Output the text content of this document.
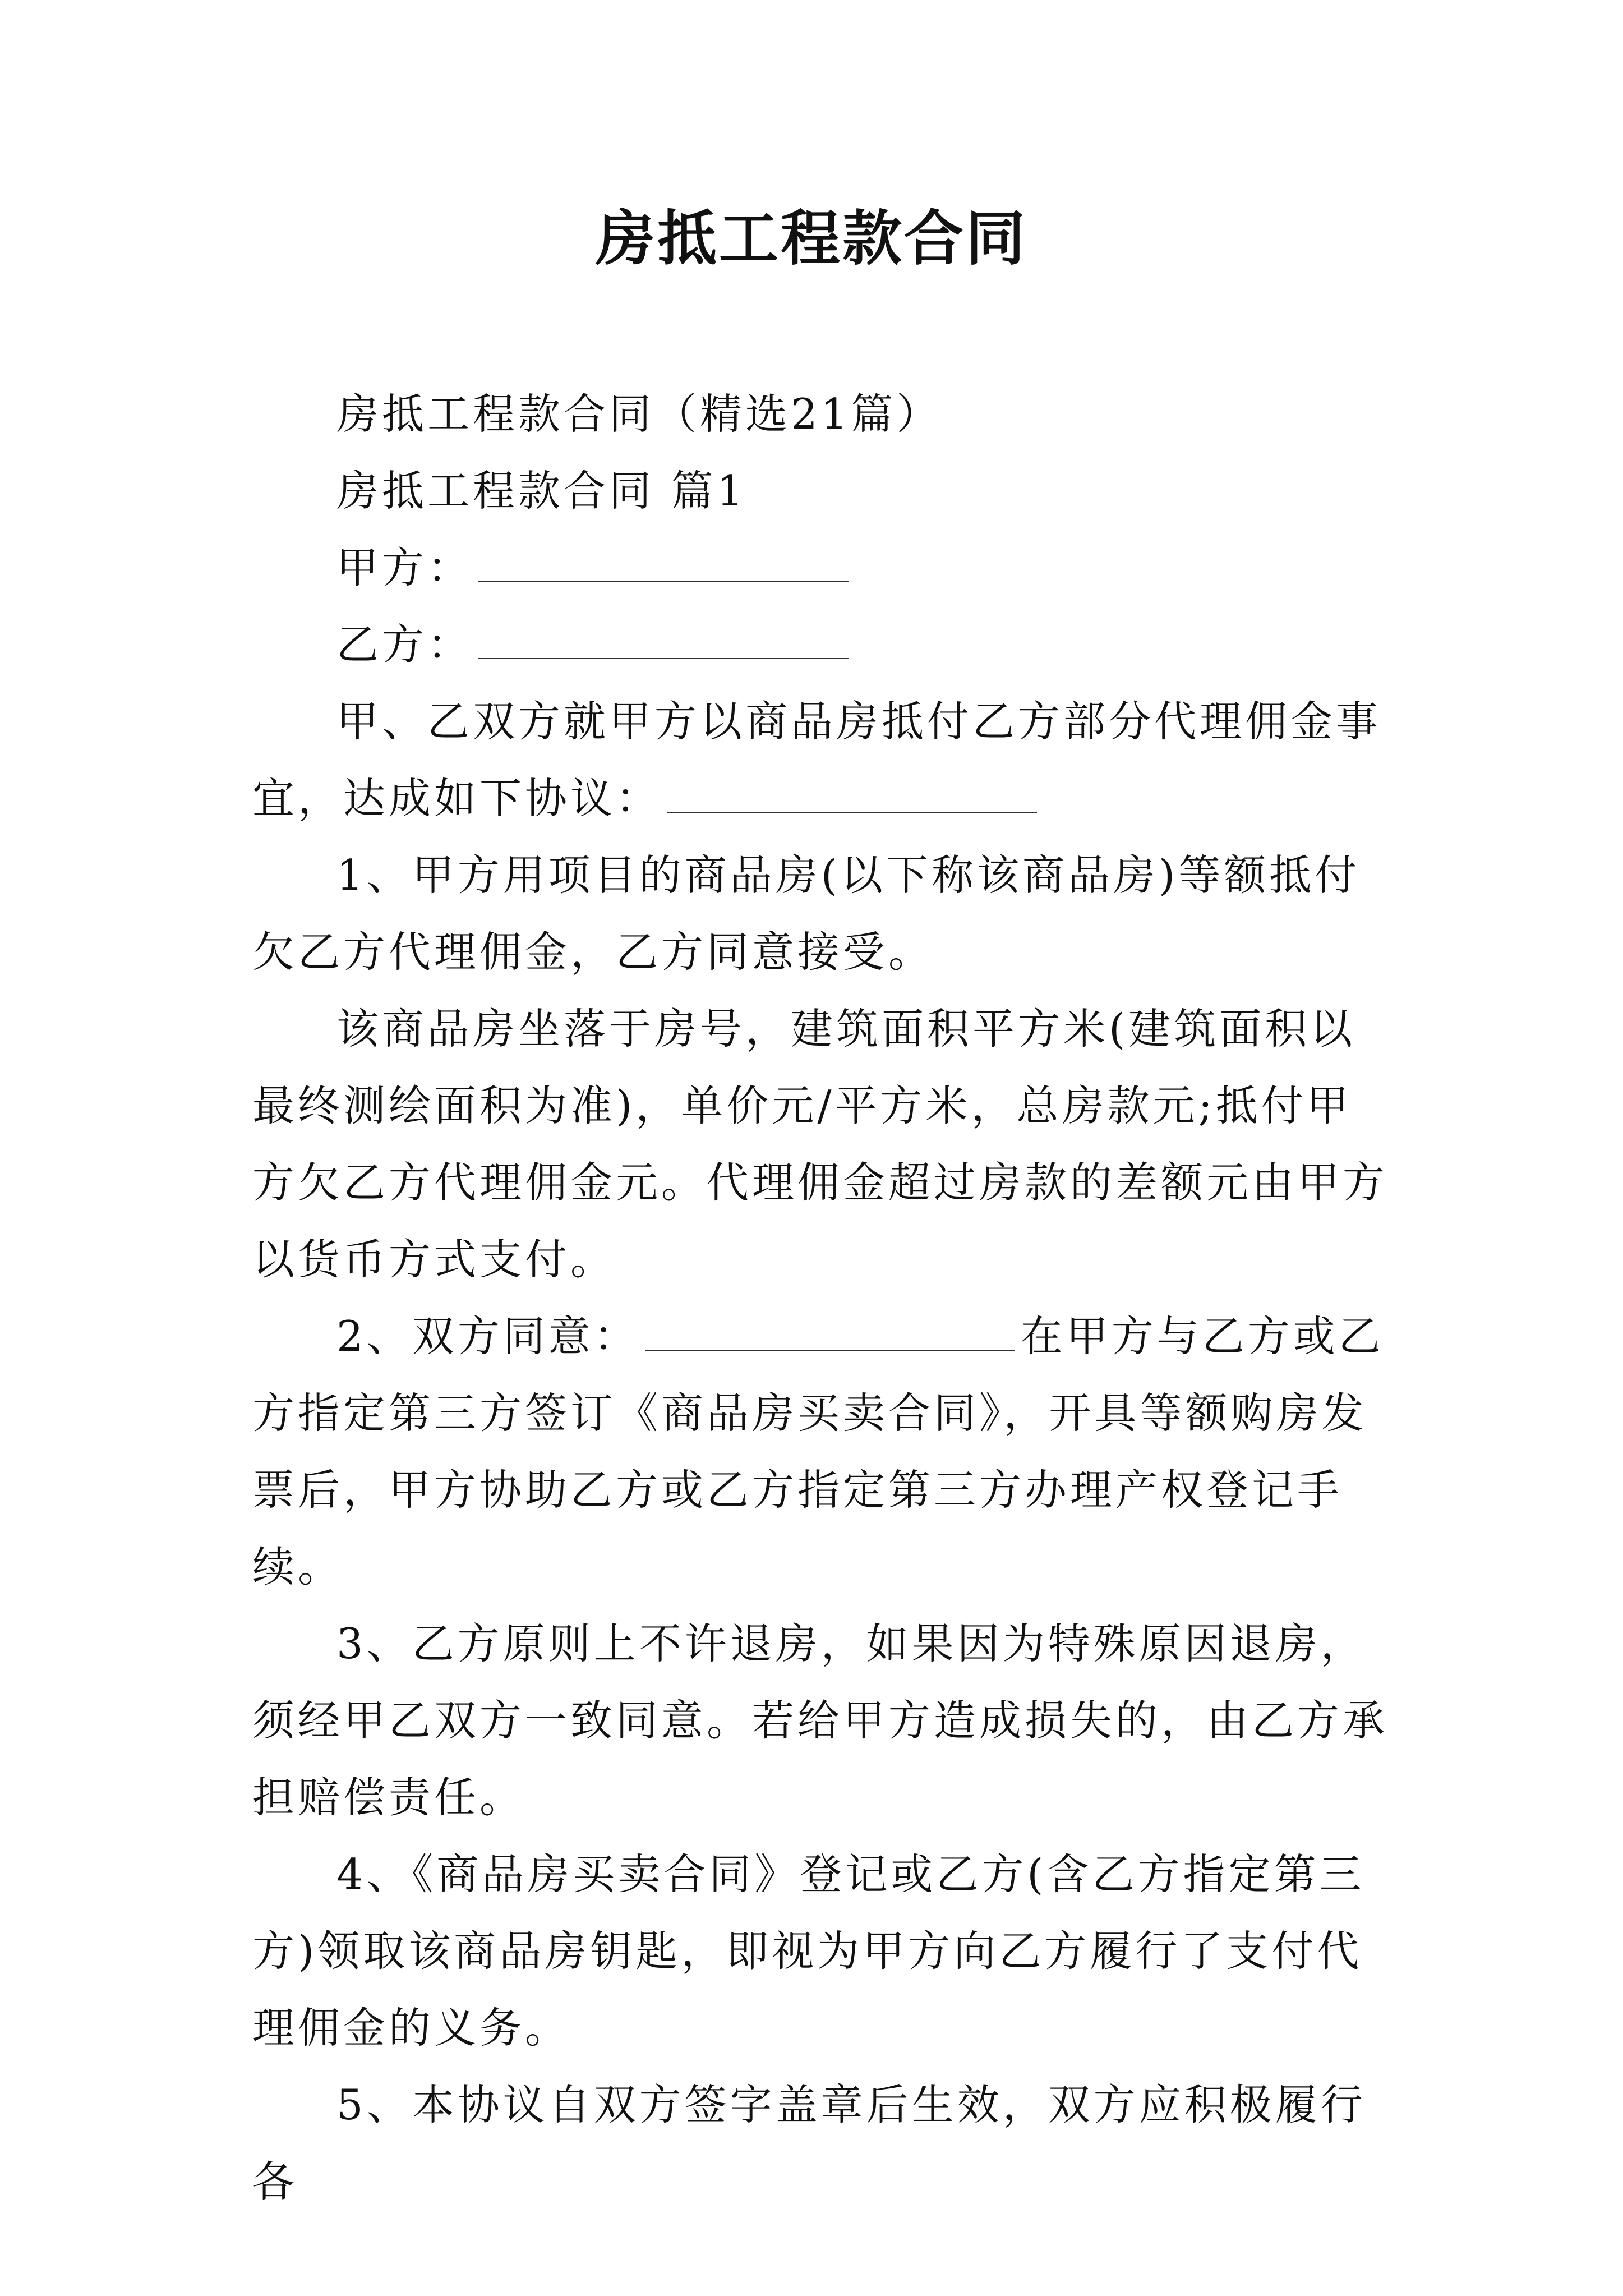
房抵工程款合同

房抵工程款合同（精选21篇）

房抵工程款合同 篇1

甲方：

乙方：

甲、乙双方就甲方以商品房抵付乙方部分代理佣金事宜，达成如下协议：

1、甲方用项目的商品房(以下称该商品房)等额抵付欠乙方代理佣金，乙方同意接受。

该商品房坐落于房号，建筑面积平方米(建筑面积以最终测绘面积为准)，单价元/平方米，总房款元;抵付甲方欠乙方代理佣金元。代理佣金超过房款的差额元由甲方以货币方式支付。

2、双方同意：	在甲方与乙方或乙方指定第三方签订《商品房买卖合同》，开具等额购房发票后，甲方协助乙方或乙方指定第三方办理产权登记手续。

3、乙方原则上不许退房，如果因为特殊原因退房，须经甲乙双方一致同意。若给甲方造成损失的，由乙方承担赔偿责任。

4、《商品房买卖合同》登记或乙方(含乙方指定第三方)领取该商品房钥匙，即视为甲方向乙方履行了支付代理佣金的义务。

5、本协议自双方签字盖章后生效，双方应积极履行各
